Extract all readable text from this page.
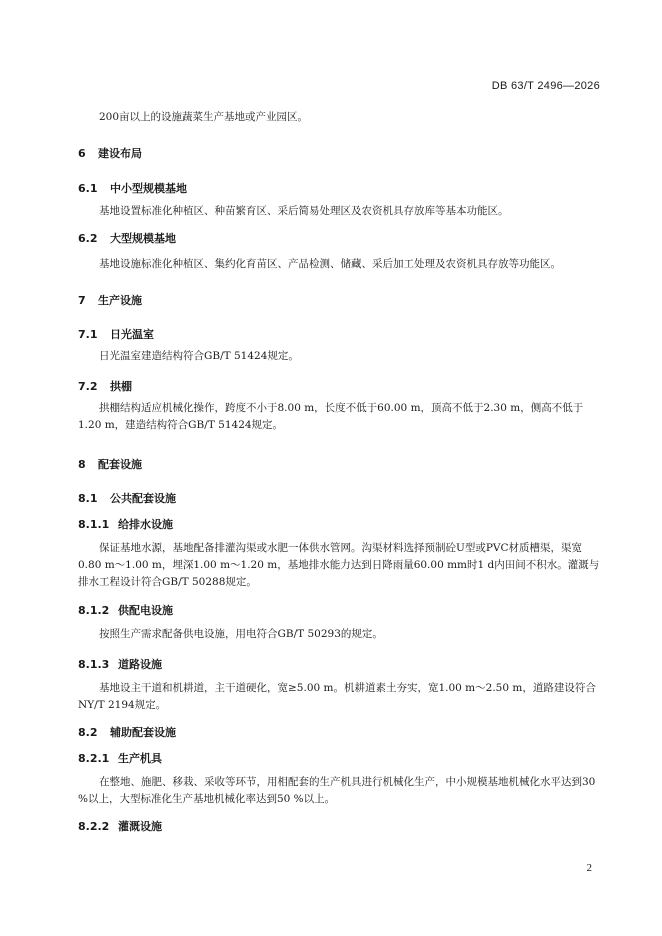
DB 63/T 2496—2026
200亩以上的设施蔬菜生产基地或产业园区。
6 建设布局
6.1 中小型规模基地
基地设置标准化种植区、种苗繁育区、采后简易处理区及农资机具存放库等基本功能区。
6.2 大型规模基地
基地设施标准化种植区、集约化育苗区、产品检测、储藏、采后加工处理及农资机具存放等功能区。
7 生产设施
7.1 日光温室
日光温室建造结构符合GB/T 51424规定。
7.2 拱棚
拱棚结构适应机械化操作，跨度不小于8.00 m，长度不低于60.00 m，顶高不低于2.30 m，侧高不低于1.20 m，建造结构符合GB/T 51424规定。
8 配套设施
8.1 公共配套设施
8.1.1 给排水设施
保证基地水源，基地配备排灌沟渠或水肥一体供水管网。沟渠材料选择预制砼U型或PVC材质槽渠，渠宽0.80 m～1.00 m，埋深1.00 m～1.20 m，基地排水能力达到日降雨量60.00 mm时1 d内田间不积水。灌溉与排水工程设计符合GB/T 50288规定。
8.1.2 供配电设施
按照生产需求配备供电设施，用电符合GB/T 50293的规定。
8.1.3 道路设施
基地设主干道和机耕道，主干道硬化，宽≥5.00 m。机耕道素土夯实，宽1.00 m～2.50 m，道路建设符合NY/T 2194规定。
8.2 辅助配套设施
8.2.1 生产机具
在整地、施肥、移栽、采收等环节，用相配套的生产机具进行机械化生产，中小规模基地机械化水平达到30 %以上，大型标准化生产基地机械化率达到50 %以上。
8.2.2 灌溉设施
2
